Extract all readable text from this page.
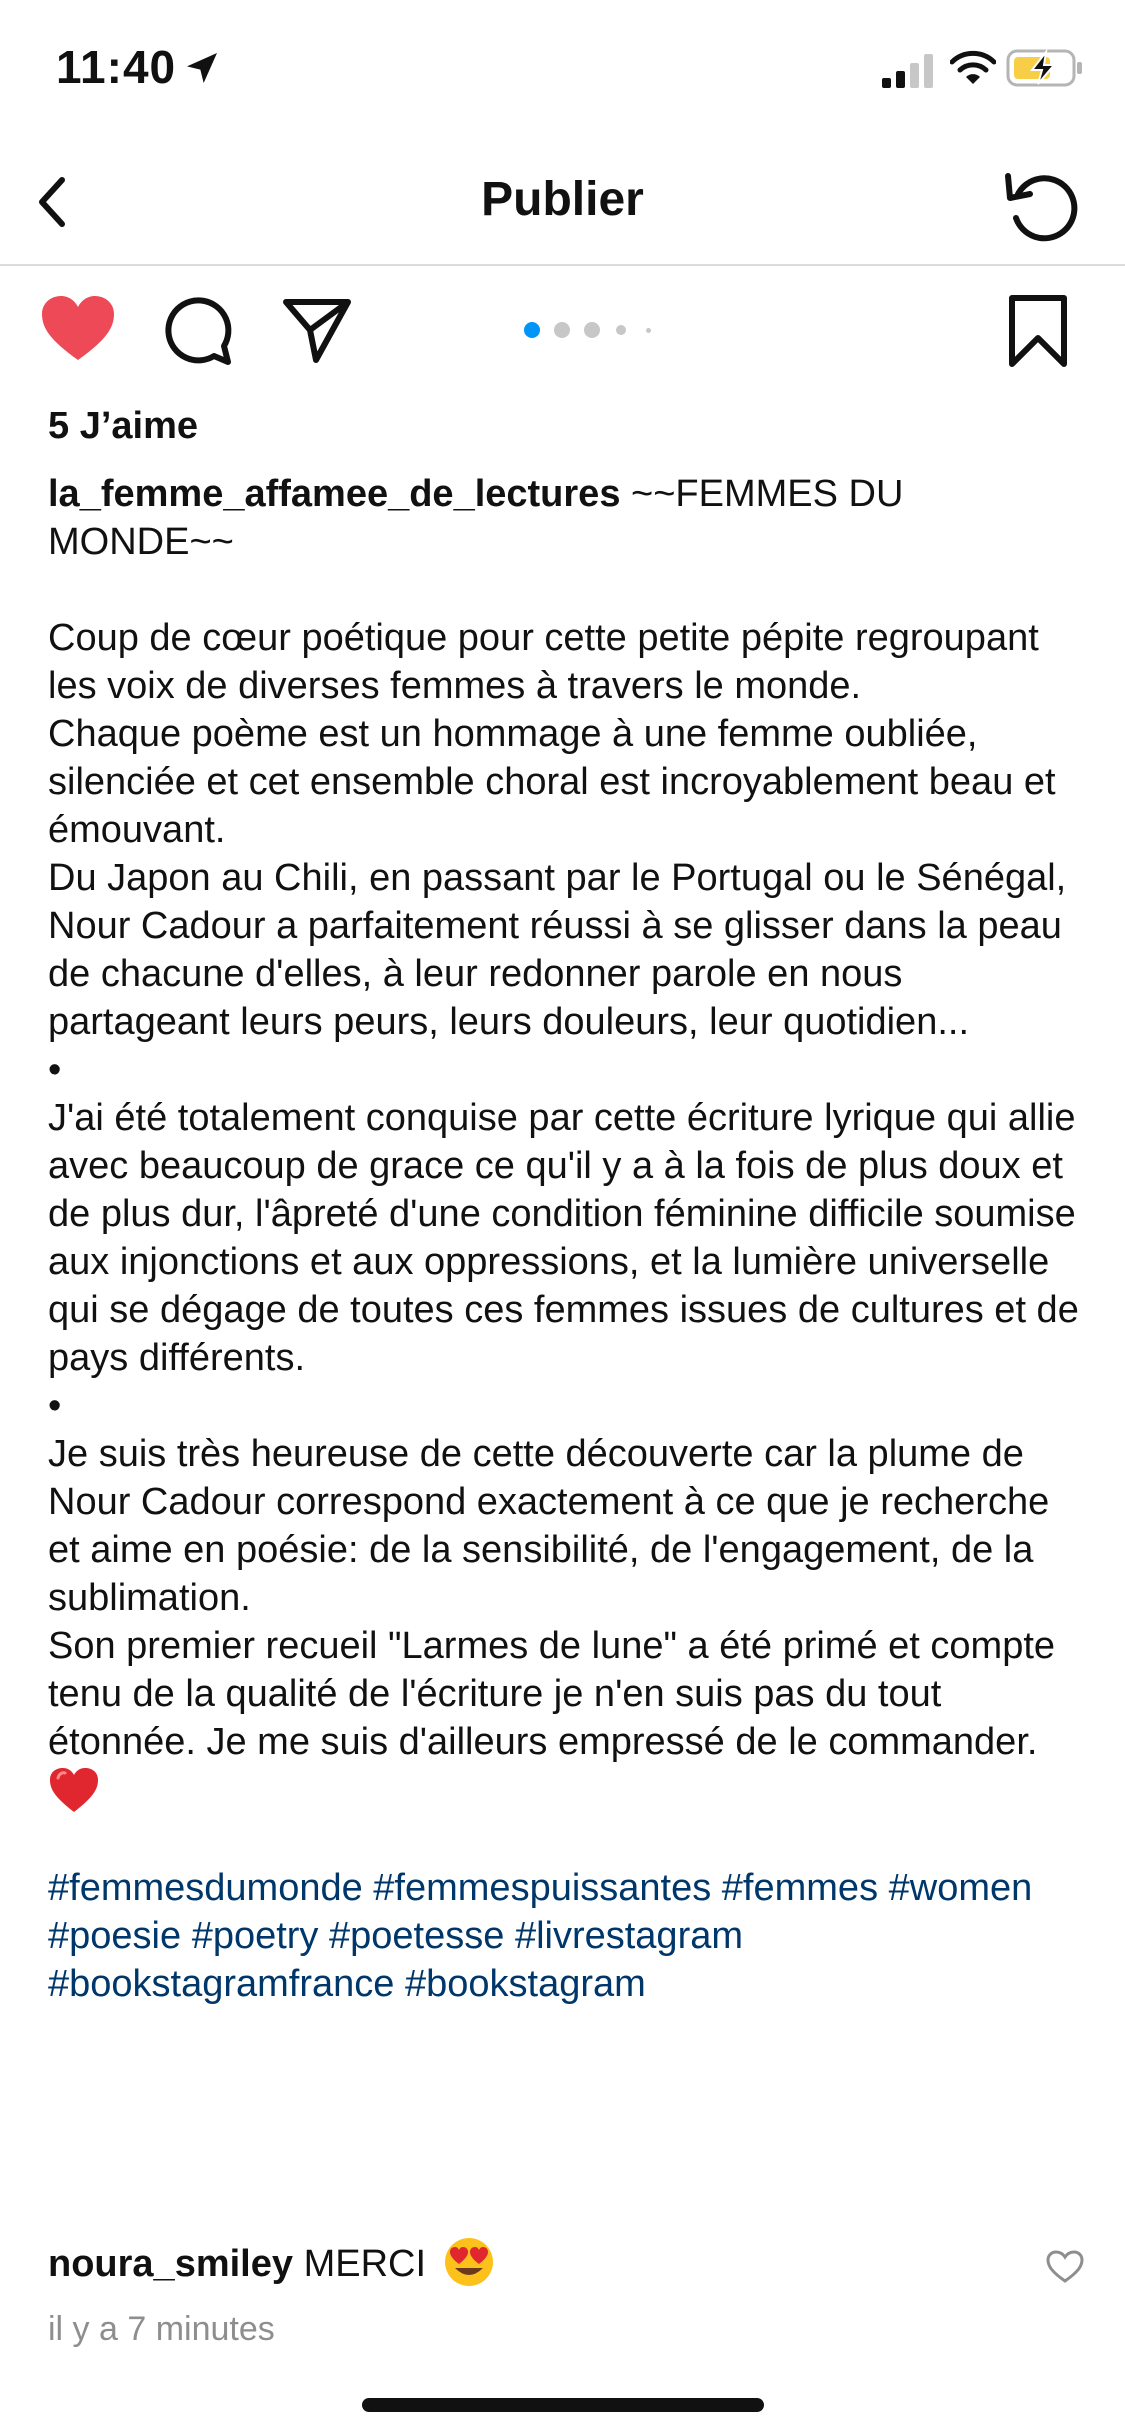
11:40
Publier
5 J’aime

la_femme_affamee_de_lectures ~~FEMMES DU MONDE~~

Coup de cœur poétique pour cette petite pépite regroupant les voix de diverses femmes à travers le monde.

Chaque poème est un hommage à une femme oubliée, silenciée et cet ensemble choral est incroyablement beau et émouvant.

Du Japon au Chili, en passant par le Portugal ou le Sénégal, Nour Cadour a parfaitement réussi à se glisser dans la peau de chacune d'elles, à leur redonner parole en nous partageant leurs peurs, leurs douleurs, leur quotidien...

•

J'ai été totalement conquise par cette écriture lyrique qui allie avec beaucoup de grace ce qu'il y a à la fois de plus doux et de plus dur, l'âpreté d'une condition féminine difficile soumise aux injonctions et aux oppressions, et la lumière universelle qui se dégage de toutes ces femmes issues de cultures et de pays différents.

•

Je suis très heureuse de cette découverte car la plume de Nour Cadour correspond exactement à ce que je recherche et aime en poésie: de la sensibilité, de l'engagement, de la sublimation.

Son premier recueil "Larmes de lune" a été primé et compte tenu de la qualité de l'écriture je n'en suis pas du tout étonnée. Je me suis d'ailleurs empressé de le commander.

#femmesdumonde #femmespuissantes #femmes #women #poesie #poetry #poetesse #livrestagram #bookstagramfrance #bookstagram

noura_smiley MERCI
il y a 7 minutes
